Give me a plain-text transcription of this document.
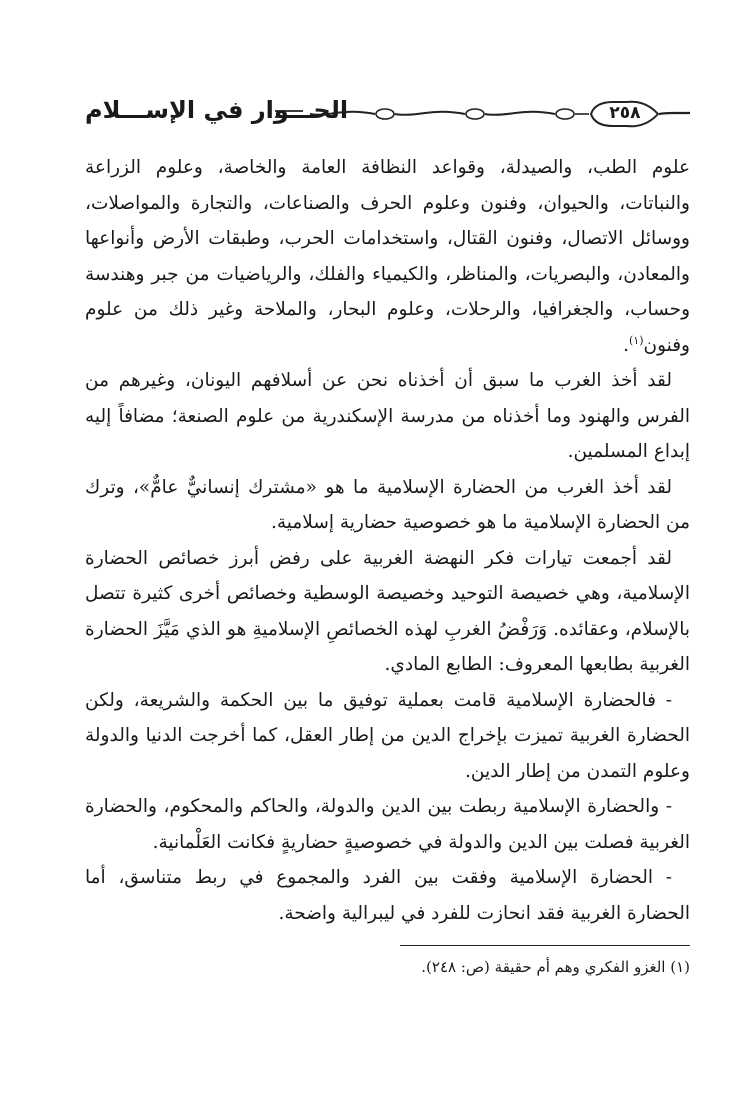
٢٥٨
الحـــوار في الإســـلام

علوم الطب، والصيدلة، وقواعد النظافة العامة والخاصة، وعلوم الزراعة والنباتات، والحيوان، وفنون وعلوم الحرف والصناعات، والتجارة والمواصلات، ووسائل الاتصال، وفنون القتال، واستخدامات الحرب، وطبقات الأرض وأنواعها والمعادن، والبصريات، والمناظر، والكيمياء والفلك، والرياضيات من جبر وهندسة وحساب، والجغرافيا، والرحلات، وعلوم البحار، والملاحة وغير ذلك من علوم وفنون$^{(١)}$.

لقد أخذ الغرب ما سبق أن أخذناه نحن عن أسلافهم اليونان، وغيرهم من الفرس والهنود وما أخذناه من مدرسة الإسكندرية من علوم الصنعة؛ مضافاً إليه إبداع المسلمين.

لقد أخذ الغرب من الحضارة الإسلامية ما هو «مشترك إنسانيٌّ عامٌّ»، وترك من الحضارة الإسلامية ما هو خصوصية حضارية إسلامية.

لقد أجمعت تيارات فكر النهضة الغربية على رفض أبرز خصائص الحضارة الإسلامية، وهي خصيصة التوحيد وخصيصة الوسطية وخصائص أخرى كثيرة تتصل بالإسلام، وعقائده. وَرَفْضُ الغربِ لهذه الخصائصِ الإسلاميةِ هو الذي مَيَّزَ الحضارة الغربية بطابعها المعروف: الطابع المادي.

- فالحضارة الإسلامية قامت بعملية توفيق ما بين الحكمة والشريعة، ولكن الحضارة الغربية تميزت بإخراج الدين من إطار العقل، كما أخرجت الدنيا والدولة وعلوم التمدن من إطار الدين.

- والحضارة الإسلامية ربطت بين الدين والدولة، والحاكم والمحكوم، والحضارة الغربية فصلت بين الدين والدولة في خصوصيةٍ حضاريةٍ فكانت العَلْمانية.

- الحضارة الإسلامية وفقت بين الفرد والمجموع في ربط متناسق، أما الحضارة الغربية فقد انحازت للفرد في ليبرالية واضحة.

(١) الغزو الفكري وهم أم حقيقة (ص: ٢٤٨).
